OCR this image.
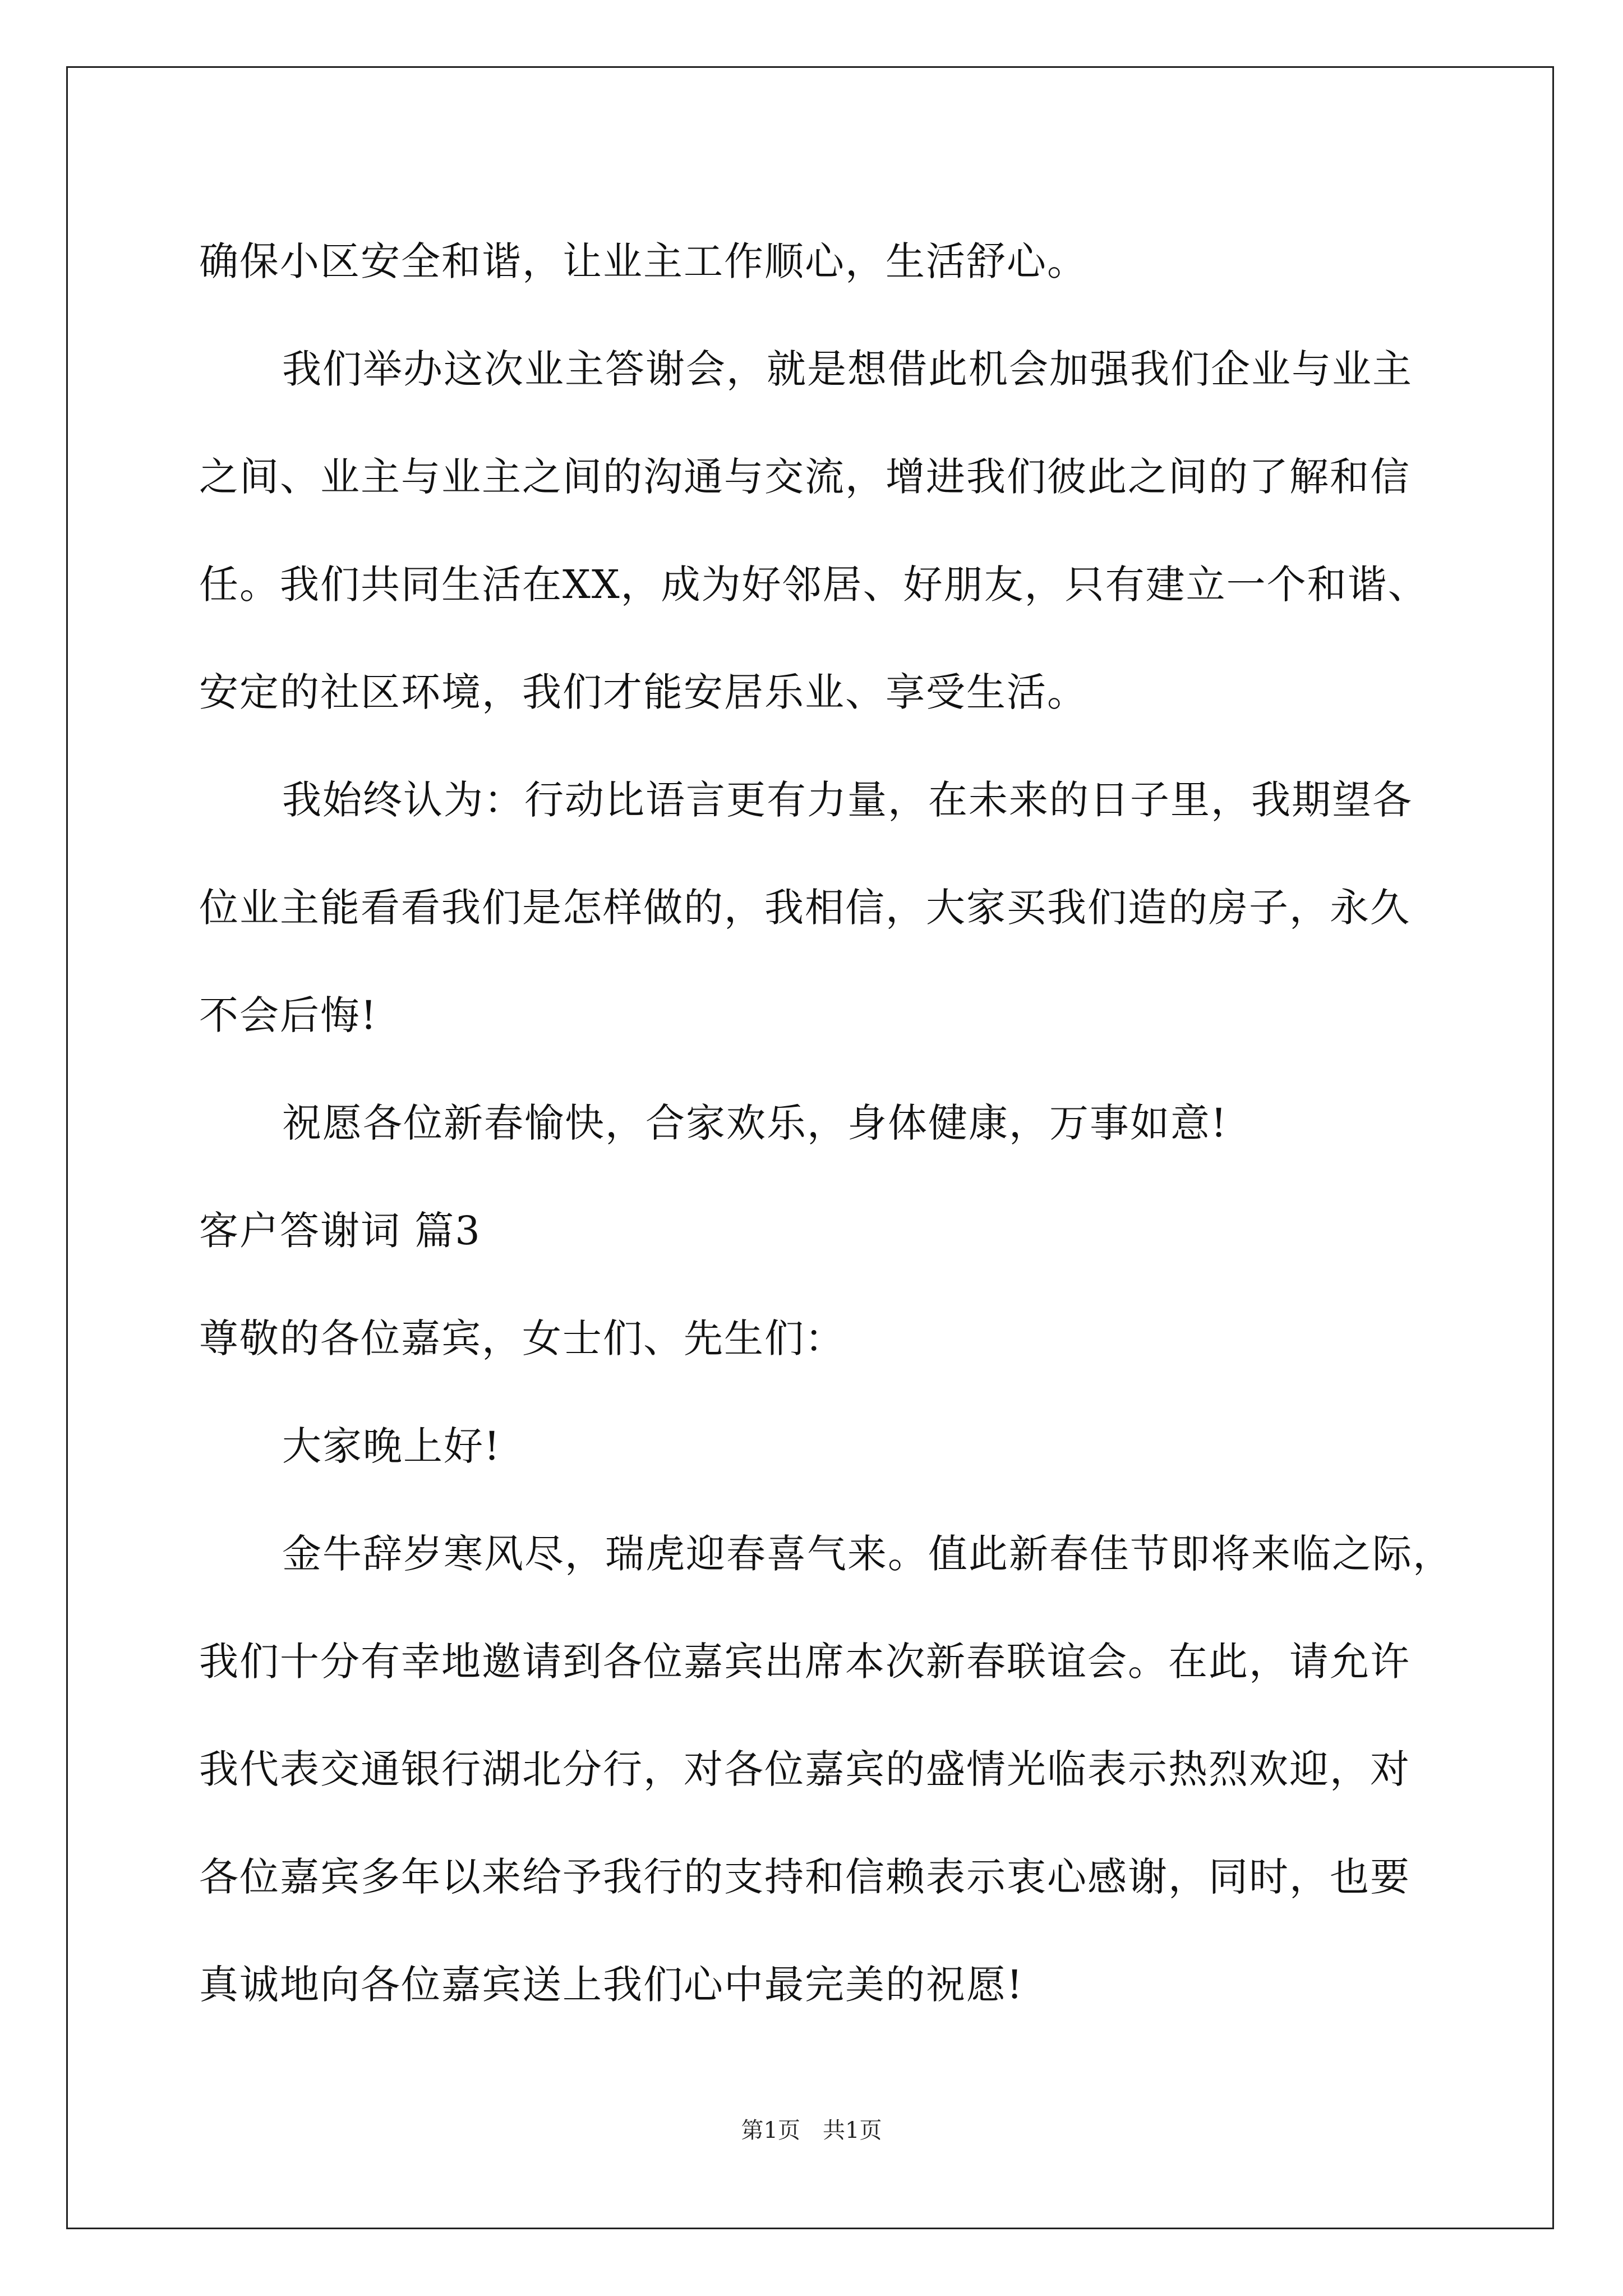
确保小区安全和谐，让业主工作顺心，生活舒心。
我们举办这次业主答谢会，就是想借此机会加强我们企业与业主
之间、业主与业主之间的沟通与交流，增进我们彼此之间的了解和信
任。我们共同生活在XX，成为好邻居、好朋友，只有建立一个和谐、
安定的社区环境，我们才能安居乐业、享受生活。
我始终认为：行动比语言更有力量，在未来的日子里，我期望各
位业主能看看我们是怎样做的，我相信，大家买我们造的房子，永久
不会后悔!
祝愿各位新春愉快，合家欢乐，身体健康，万事如意!
客户答谢词 篇3
尊敬的各位嘉宾，女士们、先生们：
大家晚上好!
金牛辞岁寒风尽，瑞虎迎春喜气来。值此新春佳节即将来临之际，
我们十分有幸地邀请到各位嘉宾出席本次新春联谊会。在此，请允许
我代表交通银行湖北分行，对各位嘉宾的盛情光临表示热烈欢迎，对
各位嘉宾多年以来给予我行的支持和信赖表示衷心感谢，同时，也要
真诚地向各位嘉宾送上我们心中最完美的祝愿!
第1页 共1页
